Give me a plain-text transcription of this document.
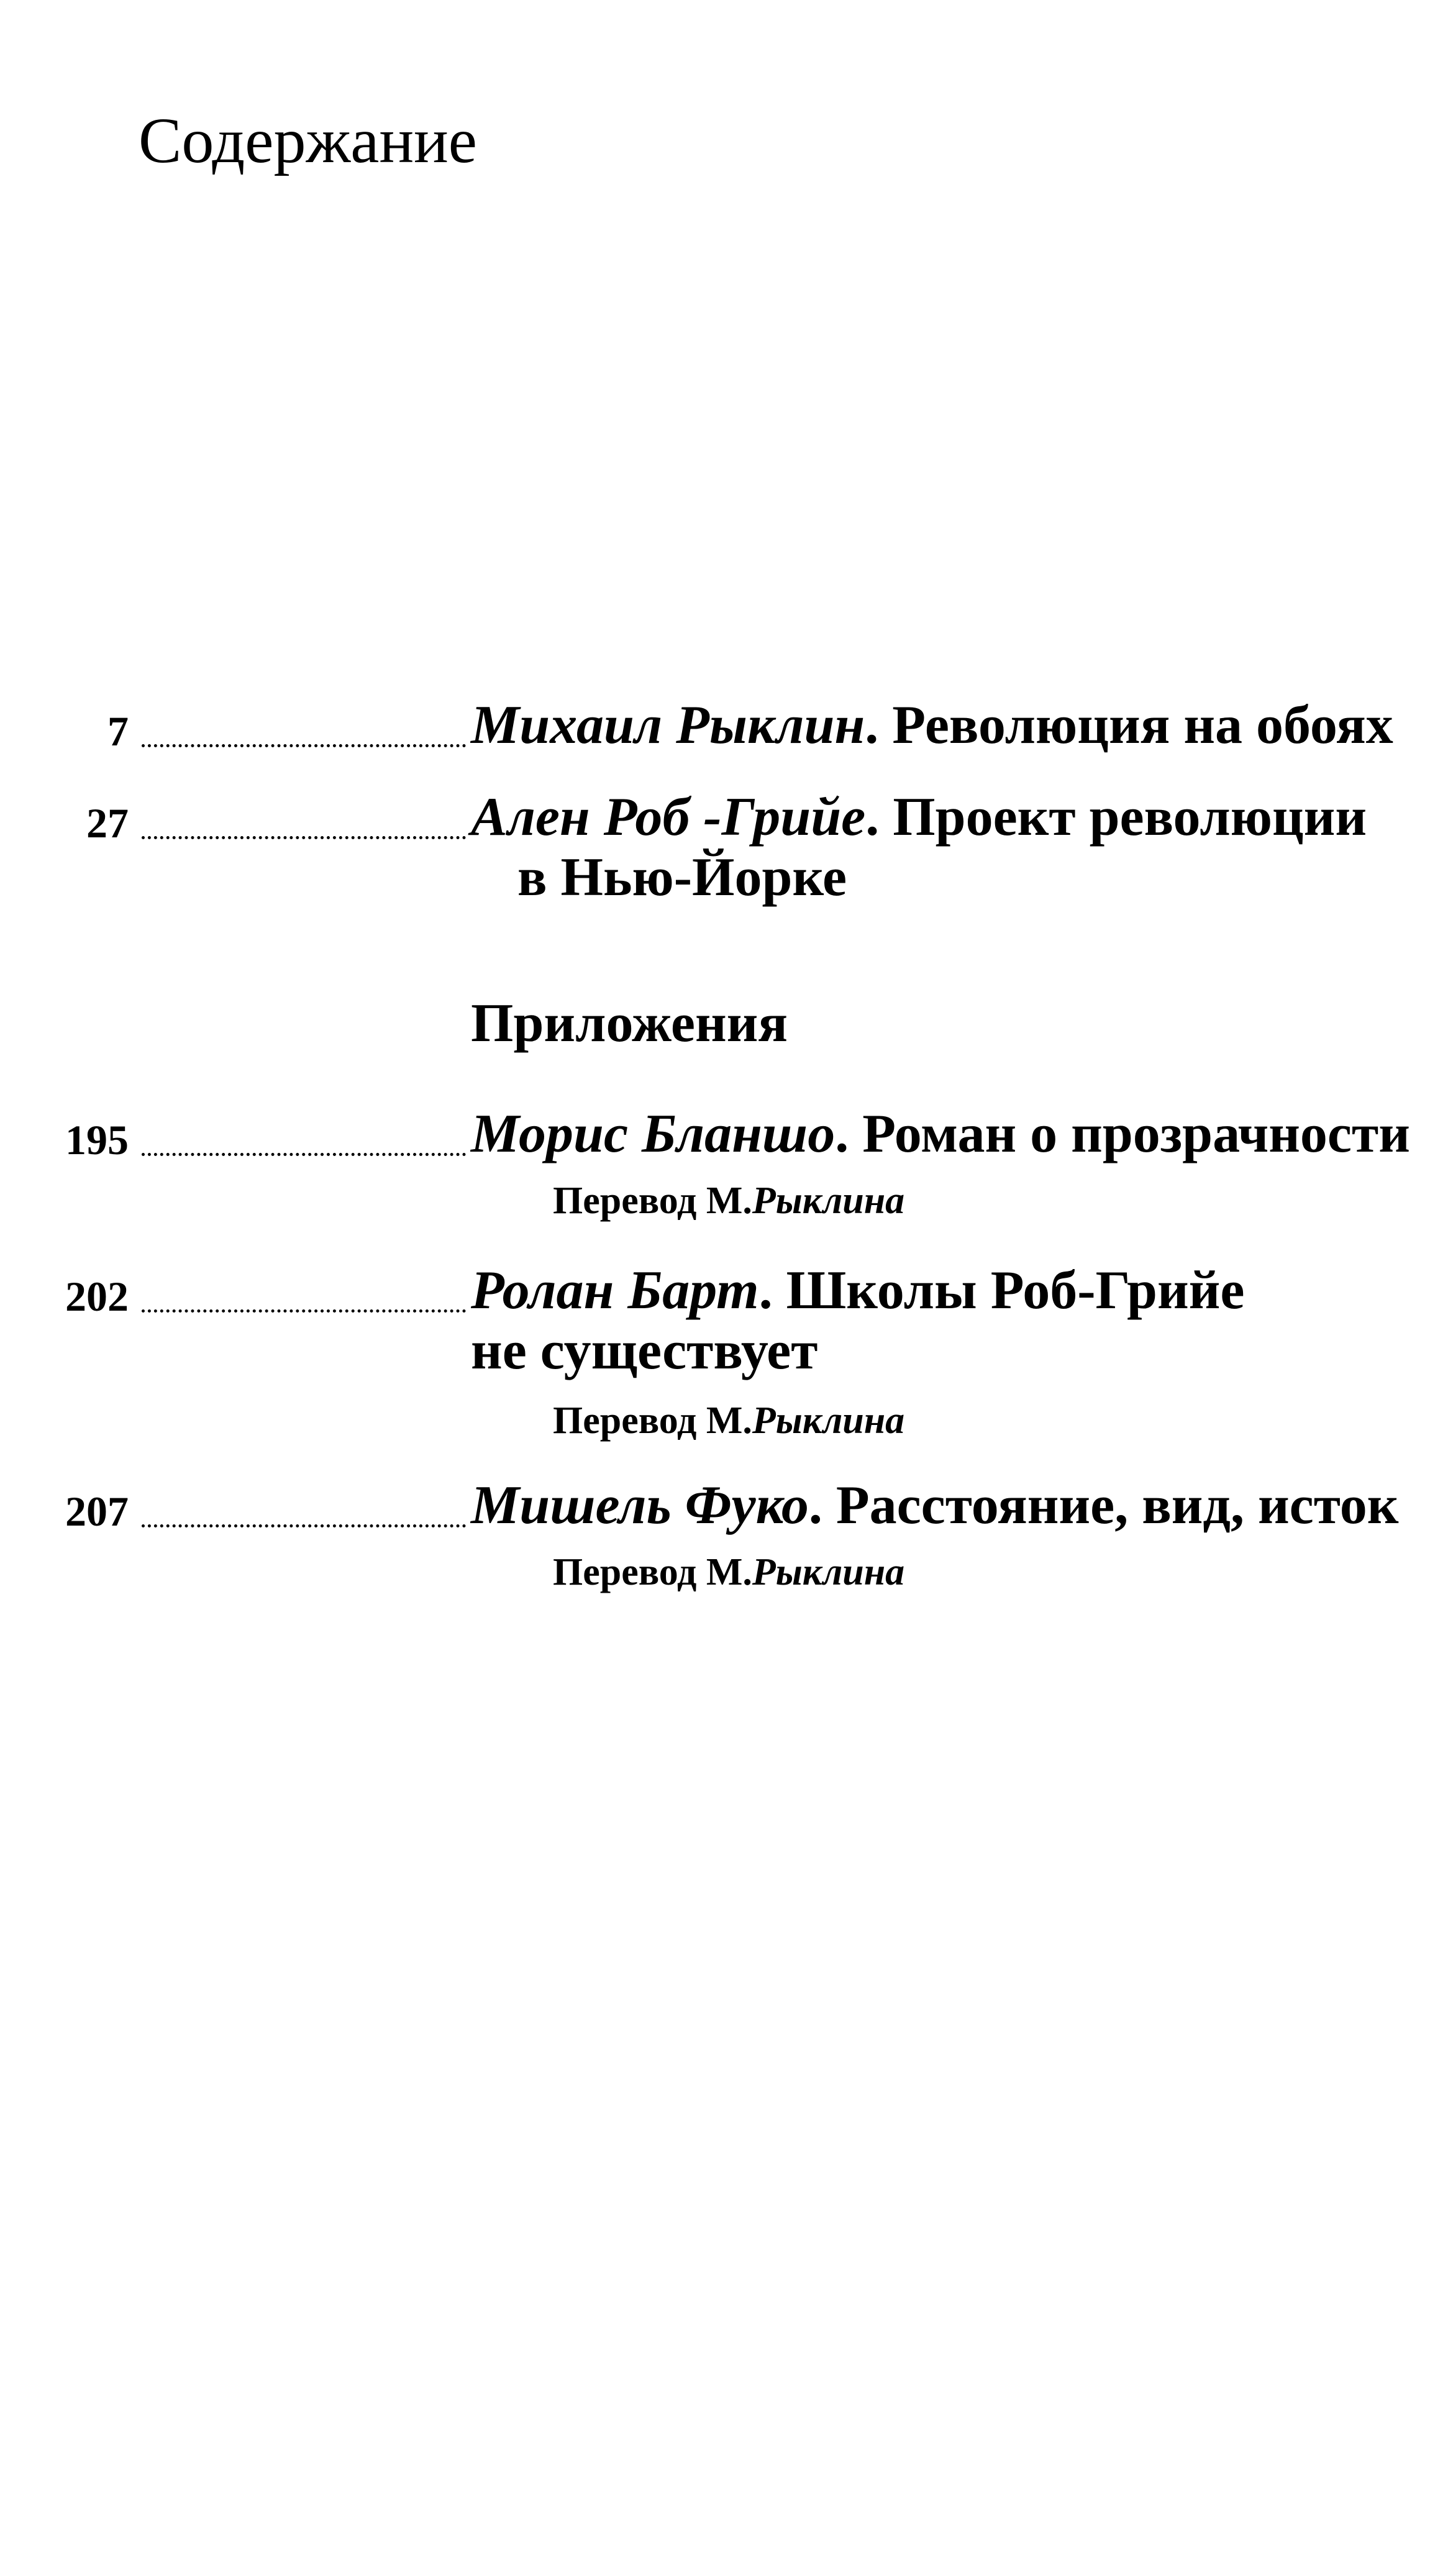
Содержание
7	Михаил Рыклин. Революция на обоях
27	Ален Роб -Грийе. Проект революции
в Нью-Йорке
Приложения
195	Морис Бланшо. Роман о прозрачности
Перевод М.Рыклина
202	Ролан Барт. Школы Роб-Грийе
не существует
Перевод М.Рыклина
207	Мишель Фуко. Расстояние, вид, исток
Перевод М.Рыклина
